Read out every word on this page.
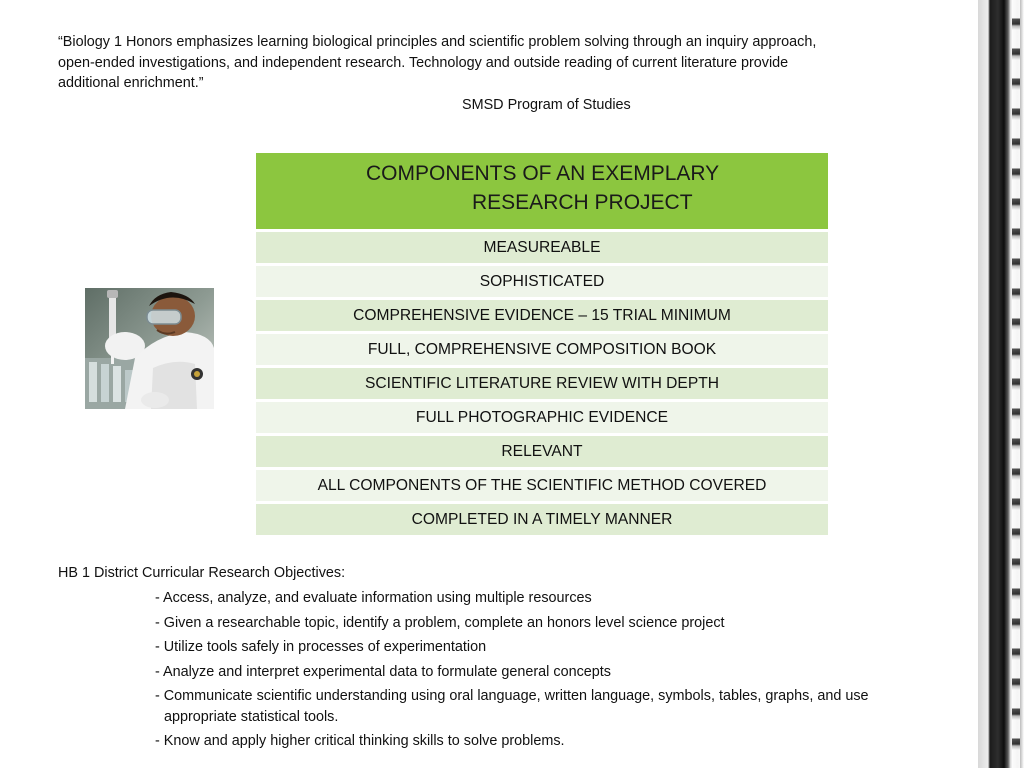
“Biology 1 Honors emphasizes learning biological principles and scientific problem solving through an inquiry approach, open-ended investigations, and independent research. Technology and outside reading of current literature provide additional enrichment.”
SMSD Program of Studies
COMPONENTS OF AN EXEMPLARY
RESEARCH PROJECT

MEASUREABLE
SOPHISTICATED
COMPREHENSIVE EVIDENCE – 15 TRIAL MINIMUM
FULL, COMPREHENSIVE COMPOSITION BOOK
SCIENTIFIC LITERATURE REVIEW WITH DEPTH
FULL PHOTOGRAPHIC EVIDENCE
RELEVANT
ALL COMPONENTS OF THE SCIENTIFIC METHOD COVERED
COMPLETED IN A TIMELY MANNER
HB 1 District Curricular Research Objectives:
- Access, analyze, and evaluate information using multiple resources
- Given a researchable topic, identify a problem, complete an honors level science project
- Utilize tools safely in processes of experimentation
- Analyze and interpret experimental data to formulate general concepts
- Communicate scientific understanding using oral language, written language, symbols, tables, graphs, and use appropriate statistical tools.
- Know and apply higher critical thinking skills to solve problems.
